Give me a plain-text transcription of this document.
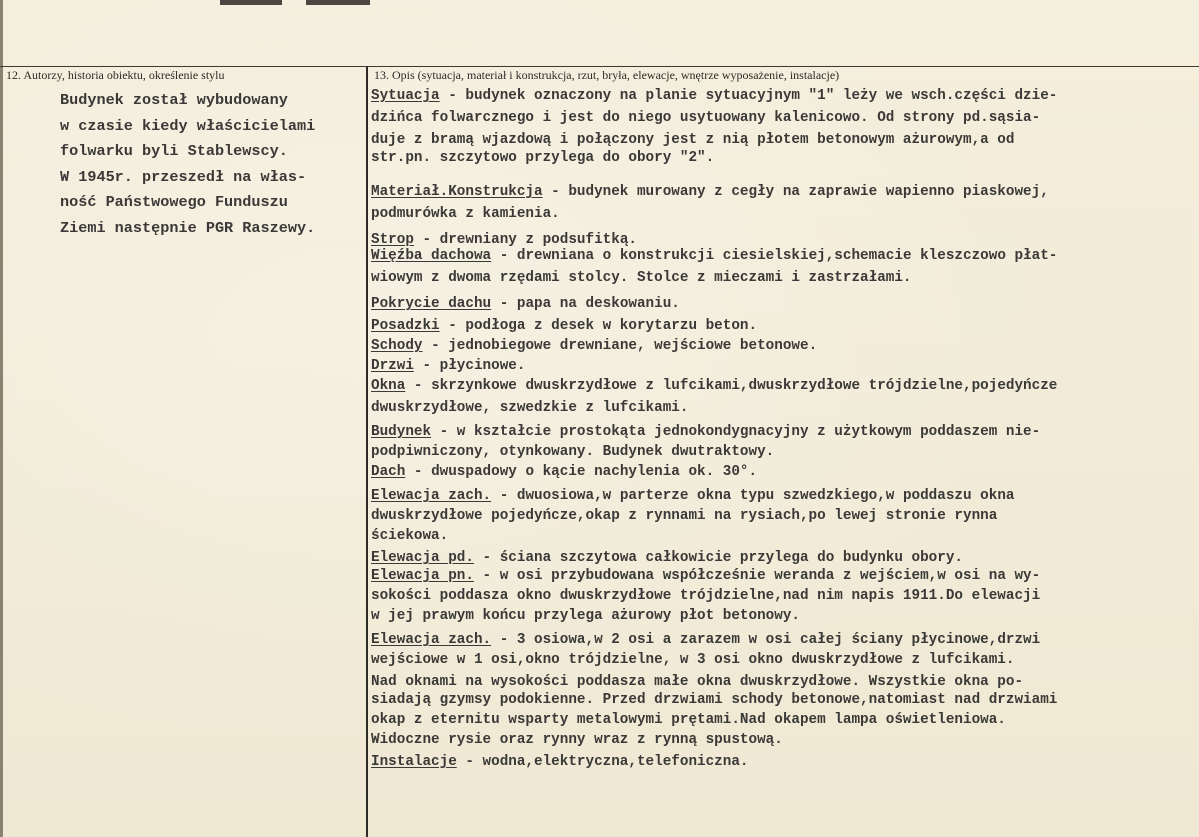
12. Autorzy, historia obiektu, określenie stylu	13. Opis (sytuacja, materiał i konstrukcja, rzut, bryła, elewacje, wnętrze wyposażenie, instalacje)
Budynek został wybudowany
w czasie kiedy właścicielami
folwarku byli Stablewscy.
W 1945r. przeszedł na włas-
ność Państwowego Funduszu
Ziemi następnie PGR Raszewy.
Sytuacja - budynek oznaczony na planie sytuacyjnym "1" leży we wsch.części dzie-
dzińca folwarcznego i jest do niego usytuowany kalenicowo. Od strony pd.sąsia-
duje z bramą wjazdową i połączony jest z nią płotem betonowym ażurowym,a od
str.pn. szczytowo przylega do obory "2".
Materiał.Konstrukcja - budynek murowany z cegły na zaprawie wapienno piaskowej,
podmurówka z kamienia.
Strop - drewniany z podsufitką.
Więźba dachowa - drewniana o konstrukcji ciesielskiej,schemacie kleszczowo płat-
wiowym z dwoma rzędami stolcy. Stolce z mieczami i zastrzałami.
Pokrycie dachu - papa na deskowaniu.
Posadzki - podłoga z desek w korytarzu beton.
Schody - jednobiegowe drewniane, wejściowe betonowe.
Drzwi - płycinowe.
Okna - skrzynkowe dwuskrzydłowe z lufcikami,dwuskrzydłowe trójdzielne,pojedyńcze
dwuskrzydłowe, szwedzkie z lufcikami.
Budynek - w kształcie prostokąta jednokondygnacyjny z użytkowym poddaszem nie-
podpiwniczony, otynkowany. Budynek dwutraktowy.
Dach - dwuspadowy o kącie nachylenia ok. 30°.
Elewacja zach. - dwuosiowa,w parterze okna typu szwedzkiego,w poddaszu okna
dwuskrzydłowe pojedyńcze,okap z rynnami na rysiach,po lewej stronie rynna
ściekowa.
Elewacja pd. - ściana szczytowa całkowicie przylega do budynku obory.
Elewacja pn. - w osi przybudowana współcześnie weranda z wejściem,w osi na wy-
sokości poddasza okno dwuskrzydłowe trójdzielne,nad nim napis 1911.Do elewacji
w jej prawym końcu przylega ażurowy płot betonowy.
Elewacja zach. - 3 osiowa,w 2 osi a zarazem w osi całej ściany płycinowe,drzwi
wejściowe w 1 osi,okno trójdzielne, w 3 osi okno dwuskrzydłowe z lufcikami.
Nad oknami na wysokości poddasza małe okna dwuskrzydłowe. Wszystkie okna po-
siadają gzymsy podokienne. Przed drzwiami schody betonowe,natomiast nad drzwiami
okap z eternitu wsparty metalowymi prętami.Nad okapem lampa oświetleniowa.
Widoczne rysie oraz rynny wraz z rynną spustową.
Instalacje - wodna,elektryczna,telefoniczna.
